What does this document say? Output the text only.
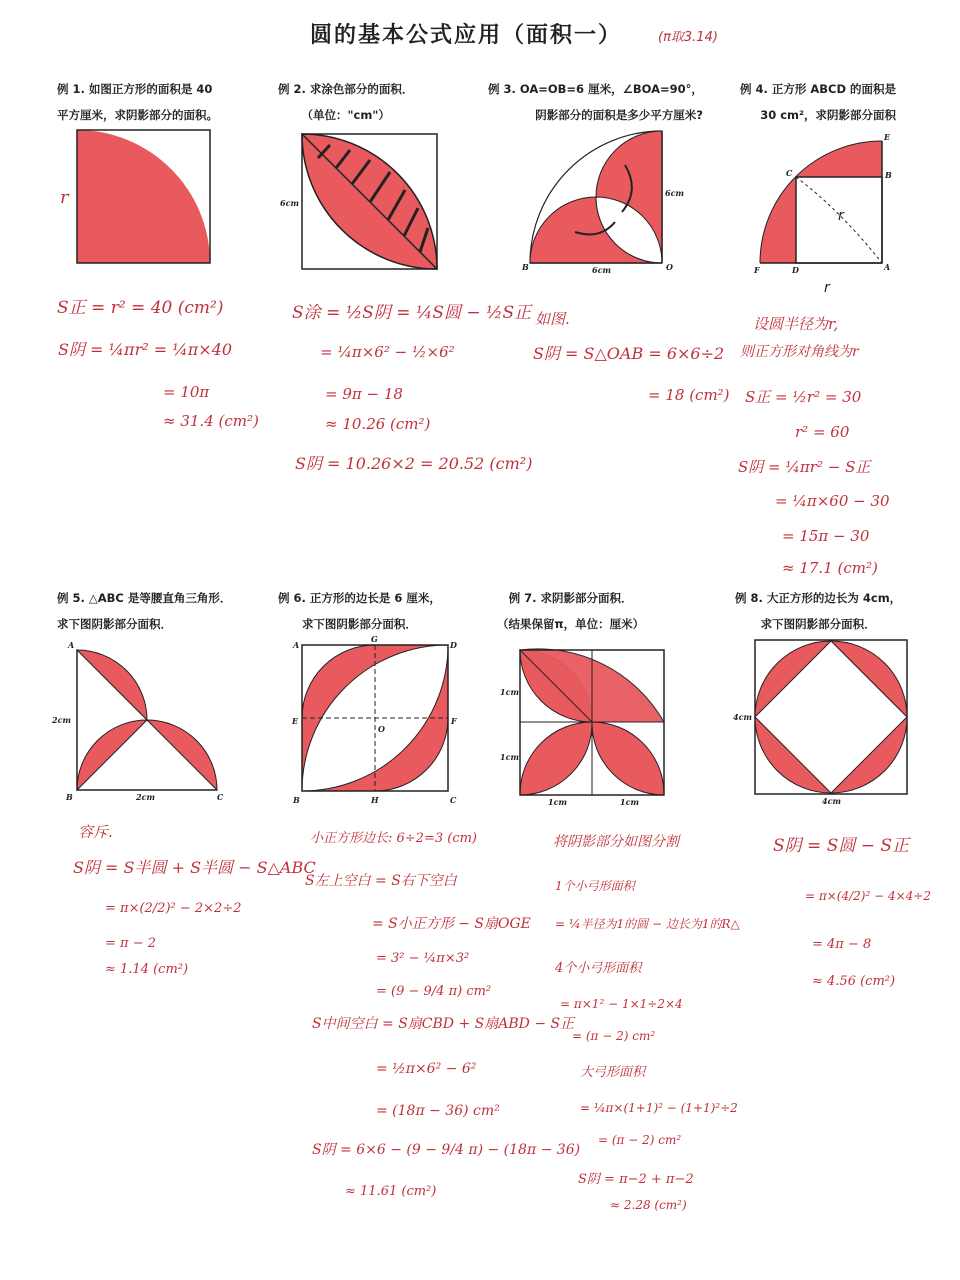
圆的基本公式应用（面积一）	(π取3.14)
例 1. 如图正方形的面积是 40
平方厘米，求阴影部分的面积。
例 2. 求涂色部分的面积．
（单位："cm"）
例 3. OA=OB=6 厘米，∠BOA=90°，
阴影部分的面积是多少平方厘米?
例 4. 正方形 ABCD 的面积是
30 cm²，求阴影部分面积
例 5. △ABC 是等腰直角三角形．
求下图阴影部分面积．
例 6. 正方形的边长是 6 厘米，
求下图阴影部分面积．
例 7. 求阴影部分面积．
（结果保留π，单位：厘米）
例 8. 大正方形的边长为 4cm，
求下图阴影部分面积．
r	6cm
B	O
6cm
6cm
A
B
C
D
E
F
r
r
A
B	C
2cm
2cm
A
G
D
E
O
F
B	H	C
1cm
1cm
1cm	1cm
4cm
4cm
S正 = r² = 40 (cm²)
S阴 = ¼πr² = ¼π×40
= 10π
≈ 31.4 (cm²)
S涂 = ½S阴 = ¼S圆 − ½S正
= ¼π×6² − ½×6²
= 9π − 18
≈ 10.26 (cm²)
S阴 = 10.26×2 = 20.52 (cm²)
如图.
S阴 = S△OAB = 6×6÷2
= 18 (cm²)
设圆半径为r,
则正方形对角线为r
S正 = ½r² = 30
r² = 60
S阴 = ¼πr² − S正
= ¼π×60 − 30
= 15π − 30
≈ 17.1 (cm²)
容斥.
S阴 = S半圆 + S半圆 − S△ABC
= π×(2/2)² − 2×2÷2
= π − 2
≈ 1.14 (cm²)
小正方形边长: 6÷2=3 (cm)
S左上空白 = S右下空白
= S小正方形 − S扇OGE
= 3² − ¼π×3²
= (9 − 9/4 π) cm²
S中间空白 = S扇CBD + S扇ABD − S正
= ½π×6² − 6²
= (18π − 36) cm²
S阴 = 6×6 − (9 − 9/4 π) − (18π − 36)
≈ 11.61 (cm²)
将阴影部分如图分割
1个小弓形面积
= ¼半径为1的圆 − 边长为1的R△
4个小弓形面积
= π×1² − 1×1÷2×4
= (π − 2) cm²
大弓形面积
= ¼π×(1+1)² − (1+1)²÷2
= (π − 2) cm²
S阴 = π−2 + π−2
≈ 2.28 (cm²)
S阴 = S圆 − S正
= π×(4/2)² − 4×4÷2
= 4π − 8
≈ 4.56 (cm²)
